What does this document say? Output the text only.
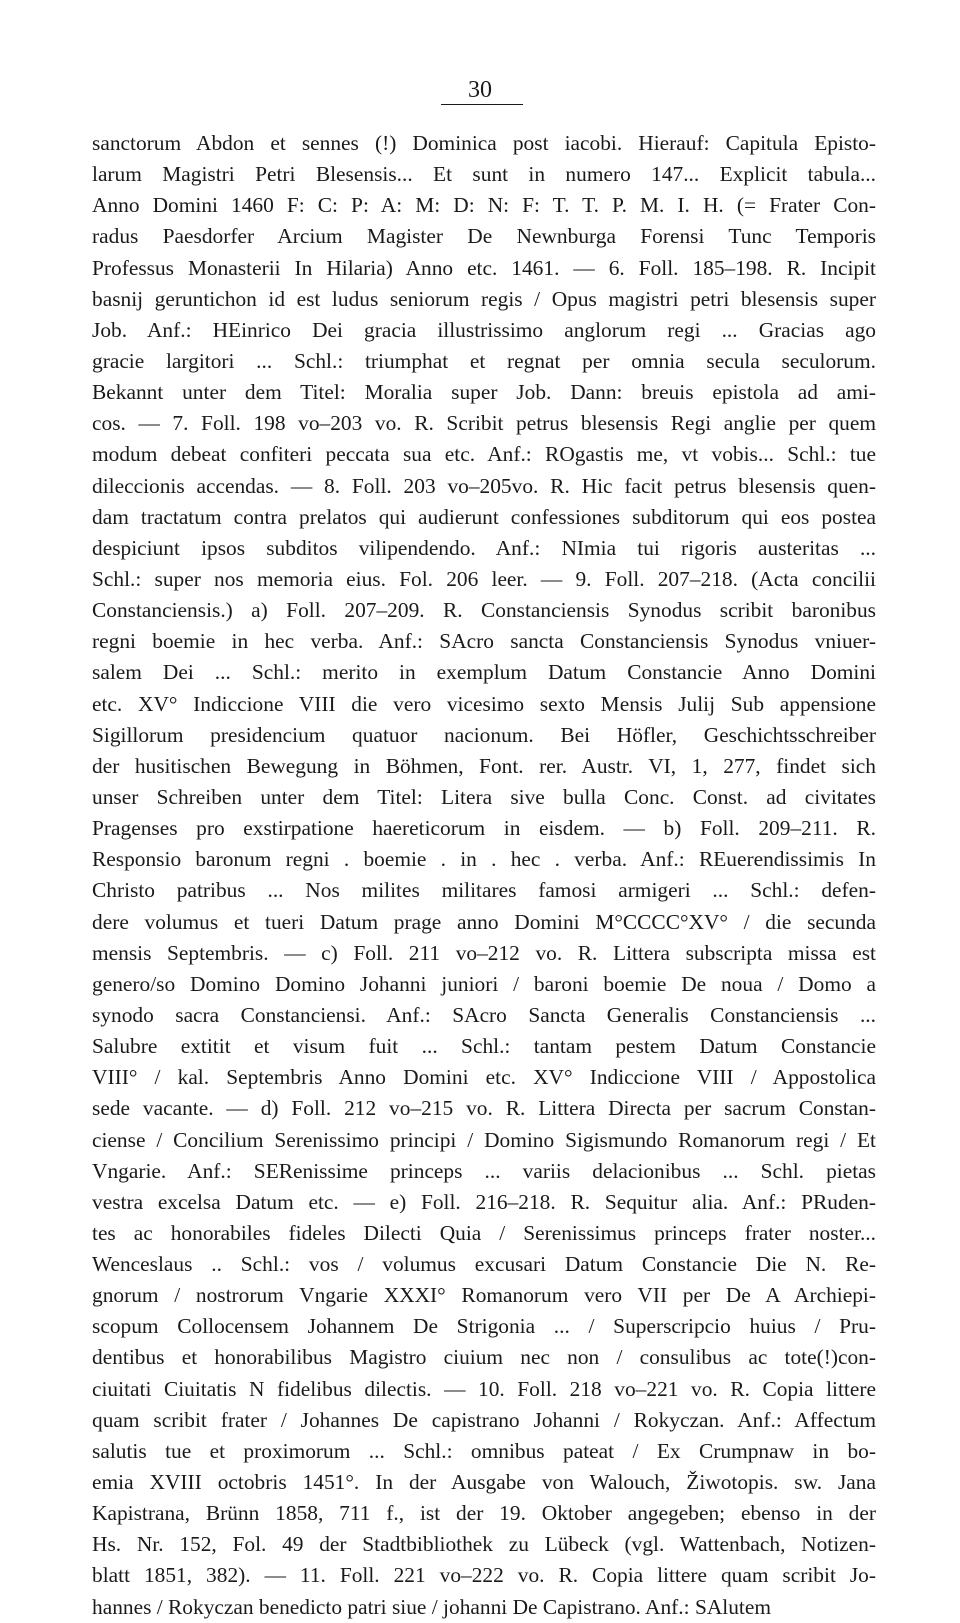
30
sanctorum Abdon et sennes (!) Dominica post iacobi. Hierauf: Capitula Episto-
larum Magistri Petri Blesensis... Et sunt in numero 147... Explicit tabula...
Anno Domini 1460 F: C: P: A: M: D: N: F: T. T. P. M. I. H. (= Frater Con-
radus Paesdorfer Arcium Magister De Newnburga Forensi Tunc Temporis
Professus Monasterii In Hilaria) Anno etc. 1461. — 6. Foll. 185–198. R. Incipit
basnij geruntichon id est ludus seniorum regis / Opus magistri petri blesensis super
Job. Anf.: HEinrico Dei gracia illustrissimo anglorum regi ... Gracias ago
gracie largitori ... Schl.: triumphat et regnat per omnia secula seculorum.
Bekannt unter dem Titel: Moralia super Job. Dann: breuis epistola ad ami-
cos. — 7. Foll. 198 vo–203 vo. R. Scribit petrus blesensis Regi anglie per quem
modum debeat confiteri peccata sua etc. Anf.: ROgastis me, vt vobis... Schl.: tue
dileccionis accendas. — 8. Foll. 203 vo–205vo. R. Hic facit petrus blesensis quen-
dam tractatum contra prelatos qui audierunt confessiones subditorum qui eos postea
despiciunt ipsos subditos vilipendendo. Anf.: NImia tui rigoris austeritas ...
Schl.: super nos memoria eius. Fol. 206 leer. — 9. Foll. 207–218. (Acta concilii
Constanciensis.) a) Foll. 207–209. R. Constanciensis Synodus scribit baronibus
regni boemie in hec verba. Anf.: SAcro sancta Constanciensis Synodus vniuer-
salem Dei ... Schl.: merito in exemplum Datum Constancie Anno Domini
etc. XV° Indiccione VIII die vero vicesimo sexto Mensis Julij Sub appensione
Sigillorum presidencium quatuor nacionum. Bei Höfler, Geschichtsschreiber
der husitischen Bewegung in Böhmen, Font. rer. Austr. VI, 1, 277, findet sich
unser Schreiben unter dem Titel: Litera sive bulla Conc. Const. ad civitates
Pragenses pro exstirpatione haereticorum in eisdem. — b) Foll. 209–211. R.
Responsio baronum regni . boemie . in . hec . verba. Anf.: REuerendissimis In
Christo patribus ... Nos milites militares famosi armigeri ... Schl.: defen-
dere volumus et tueri Datum prage anno Domini M°CCCC°XV° / die secunda
mensis Septembris. — c) Foll. 211 vo–212 vo. R. Littera subscripta missa est
genero/so Domino Domino Johanni juniori / baroni boemie De noua / Domo a
synodo sacra Constanciensi. Anf.: SAcro Sancta Generalis Constanciensis ...
Salubre extitit et visum fuit ... Schl.: tantam pestem Datum Constancie
VIII° / kal. Septembris Anno Domini etc. XV° Indiccione VIII / Appostolica
sede vacante. — d) Foll. 212 vo–215 vo. R. Littera Directa per sacrum Constan-
ciense / Concilium Serenissimo principi / Domino Sigismundo Romanorum regi / Et
Vngarie. Anf.: SERenissime princeps ... variis delacionibus ... Schl. pietas
vestra excelsa Datum etc. — e) Foll. 216–218. R. Sequitur alia. Anf.: PRuden-
tes ac honorabiles fideles Dilecti Quia / Serenissimus princeps frater noster...
Wenceslaus .. Schl.: vos / volumus excusari Datum Constancie Die N. Re-
gnorum / nostrorum Vngarie XXXI° Romanorum vero VII per De A Archiepi-
scopum Collocensem Johannem De Strigonia ... / Superscripcio huius / Pru-
dentibus et honorabilibus Magistro ciuium nec non / consulibus ac tote(!)con-
ciuitati Ciuitatis N fidelibus dilectis. — 10. Foll. 218 vo–221 vo. R. Copia littere
quam scribit frater / Johannes De capistrano Johanni / Rokyczan. Anf.: Affectum
salutis tue et proximorum ... Schl.: omnibus pateat / Ex Crumpnaw in bo-
emia XVIII octobris 1451°. In der Ausgabe von Walouch, Žiwotopis. sw. Jana
Kapistrana, Brünn 1858, 711 f., ist der 19. Oktober angegeben; ebenso in der
Hs. Nr. 152, Fol. 49 der Stadtbibliothek zu Lübeck (vgl. Wattenbach, Notizen-
blatt 1851, 382). — 11. Foll. 221 vo–222 vo. R. Copia littere quam scribit Jo-
hannes / Rokyczan benedicto patri siue / johanni De Capistrano. Anf.: SAlutem
